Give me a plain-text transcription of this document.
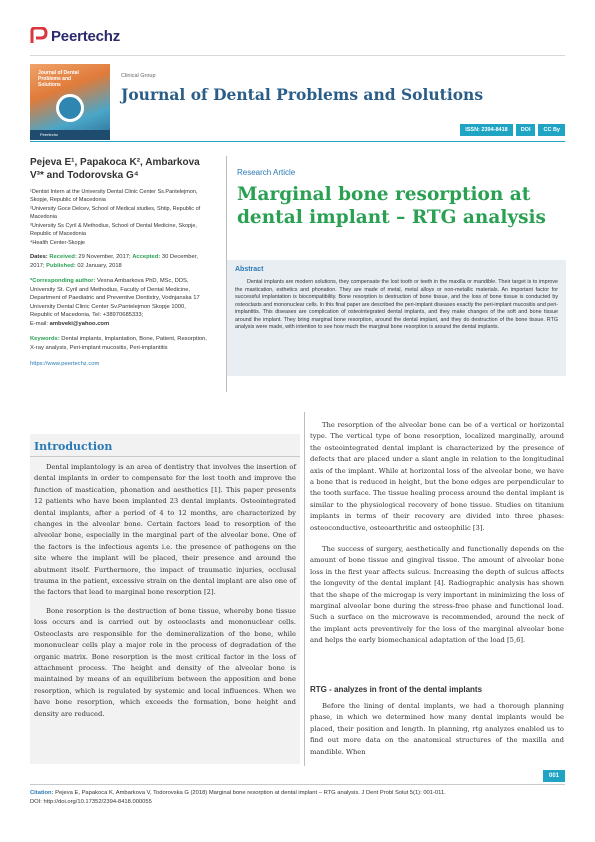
Peertechz
Journal of Dental Problems and Solutions
Peertechz
Clinical Group
Journal of Dental Problems and Solutions
ISSN: 2394-8418	DOI	CC By
Pejeva E¹, Papakoca K², Ambarkova V³* and Todorovska G⁴

¹Dentist Intern at the University Dental Clinic Center Ss.Pantelejmon, Skopje, Republic of Macedonia

²University Goce Delcev, School of Medical studies, Shtip, Republic of Macedonia

³University Ss Cyril & Methodius, School of Dental Medicine, Skopje, Republic of Macedonia

⁴Health Center-Skopje

Dates: Received: 29 November, 2017; Accepted: 30 December, 2017; Published: 02 January, 2018
*Corresponding author: Vesna Ambarkova PhD, MSc, DDS, University St. Cyril and Methodius, Faculty of Dental Medicine, Department of Paediatric and Preventive Dentistry, Vodnjanska 17 University Dental Clinic Center Sv.Pantelejmon Skopje 1000, Republic of Macedonia, Tel: +38970685333;
E-mail: ambveki@yahoo.com
Keywords: Dental implants, Implantation, Bone, Patient, Resorption, X-ray analysis, Peri-implant mucositis, Peri-implantitis
https://www.peertechz.com
Research Article
Marginal bone resorption at dental implant – RTG analysis
Abstract
Dental implants are modern solutions, they compensate the lost tooth or teeth in the maxilla or mandible. Their target is to improve the mastication, esthetics and phonation. They are made of metal, metal alloys or non-metallic materials. An important factor for successful implantation is biocompatibility. Bone resorption is destruction of bone tissue, and the loss of bone tissue is conducted by osteoclasts and mononuclear cells. In this final paper are described the peri-implant diseases exactly the peri-implant mucositis and peri-implantitis. This diseases are complication of osteointegrated dental implants, and they make changes of the soft and bone tissue around the implant. They bring marginal bone resorption, around the dental implant, and they do destruction of the bone tissue. RTG analysis were made, with intention to see how much the marginal bone resorption is around the dental implants.
Introduction
Dental implantology is an area of dentistry that involves the insertion of dental implants in order to compensate for the lost tooth and improve the function of mastication, phonation and aesthetics [1]. This paper presents 12 patients who have been implanted 23 dental implants. Osteointegrated dental implants, after a period of 4 to 12 months, are characterized by changes in the alveolar bone. Certain factors lead to resorption of the alveolar bone, especially in the marginal part of the alveolar bone. One of the factors is the infectious agents i.e. the presence of pathogens on the site where the implant will be placed, their presence and around the abutment itself. Furthermore, the impact of traumatic injuries, occlusal trauma in the patient, excessive strain on the dental implant are also one of the factors that lead to marginal bone resorption [2].
Bone resorption is the destruction of bone tissue, whereby bone tissue loss occurs and is carried out by osteoclasts and mononuclear cells. Osteoclasts are responsible for the demineralization of the bone, while mononuclear cells play a major role in the process of degradation of the organic matrix. Bone resorption is the most critical factor in the loss of attachment process. The height and density of the alveolar bone is maintained by means of an equilibrium between the apposition and bone resorption, which is regulated by systemic and local influences. When we have bone resorption, which exceeds the formation, bone height and density are reduced.
The resorption of the alveolar bone can be of a vertical or horizontal type. The vertical type of bone resorption, localized marginally, around the osteointegrated dental implant is characterized by the presence of defects that are placed under a slant angle in relation to the longitudinal axis of the implant. While at horizontal loss of the alveolar bone, we have a bone that is reduced in height, but the bone edges are perpendicular to the tooth surface. The tissue healing process around the dental implant is similar to the physiological recovery of bone tissue. Studies on titanium implants in terms of their recovery are divided into three phases: osteoconductive, osteoarthritic and osteophilic [3].
The success of surgery, aesthetically and functionally depends on the amount of bone tissue and gingival tissue. The amount of alveolar bone loss in the first year affects sulcus. Increasing the depth of sulcus affects the longevity of the dental implant [4]. Radiographic analysis has shown that the shape of the microgap is very important in minimizing the loss of marginal alveolar bone during the stress-free phase and functional load. Such a surface on the microwave is recommended, around the neck of the implant acts preventively for the loss of the marginal alveolar bone and helps the early biomechanical adaptation of the load [5,6].
RTG - analyzes in front of the dental implants
Before the lining of dental implants, we had a thorough planning phase, in which we determined how many dental implants would be placed, their position and length. In planning, rtg analyzes enabled us to find out more data on the anatomical structures of the maxilla and mandible. When
001
Citation: Pejeva E, Papakoca K, Ambarkova V, Todorovska G (2018) Marginal bone resorption at dental implant – RTG analysis. J Dent Probl Solut 5(1): 001-011.
DOI: http://doi.org/10.17352/2394-8418.000055
